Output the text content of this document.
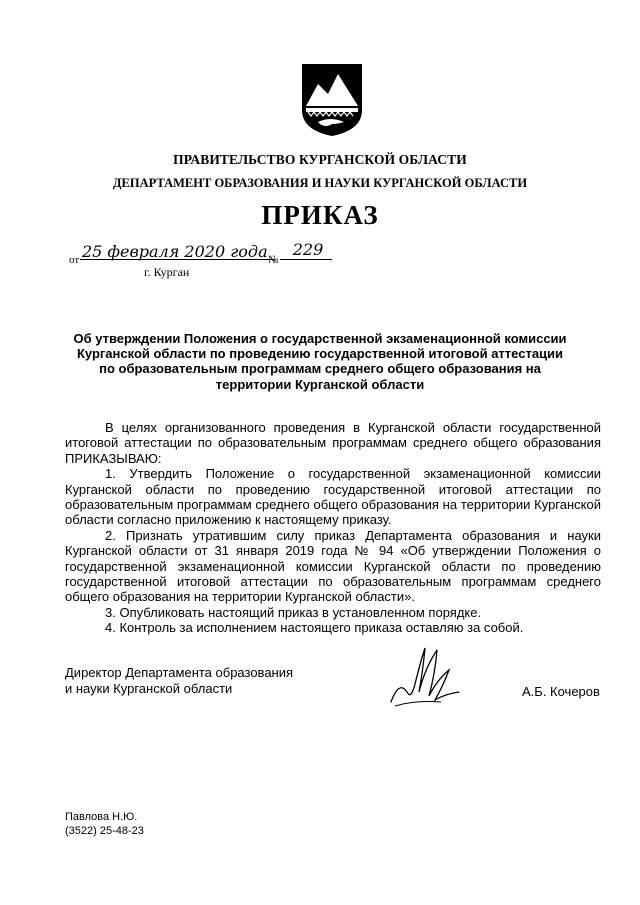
ПРАВИТЕЛЬСТВО КУРГАНСКОЙ ОБЛАСТИ
ДЕПАРТАМЕНТ ОБРАЗОВАНИЯ И НАУКИ КУРГАНСКОЙ ОБЛАСТИ
ПРИКАЗ
от 25 февраля 2020 года №
229
г. Курган
Об утверждении Положения о государственной экзаменационной комиссии Курганской области по проведению государственной итоговой аттестации по образовательным программам среднего общего образования на территории Курганской области

В целях организованного проведения в Курганской области государственной итоговой аттестации по образовательным программам среднего общего образования ПРИКАЗЫВАЮ:

1. Утвердить Положение о государственной экзаменационной комиссии Курганской области по проведению государственной итоговой аттестации по образовательным программам среднего общего образования на территории Курганской области согласно приложению к настоящему приказу.

2. Признать утратившим силу приказ Департамента образования и науки Курганской области от 31 января 2019 года № 94 «Об утверждении Положения о государственной экзаменационной комиссии Курганской области по проведению государственной итоговой аттестации по образовательным программам среднего общего образования на территории Курганской области».

3. Опубликовать настоящий приказ в установленном порядке.

4. Контроль за исполнением настоящего приказа оставляю за собой.

Директор Департамента образования
и науки Курганской области	А.Б. Кочеров
Павлова Н.Ю.
(3522) 25-48-23
